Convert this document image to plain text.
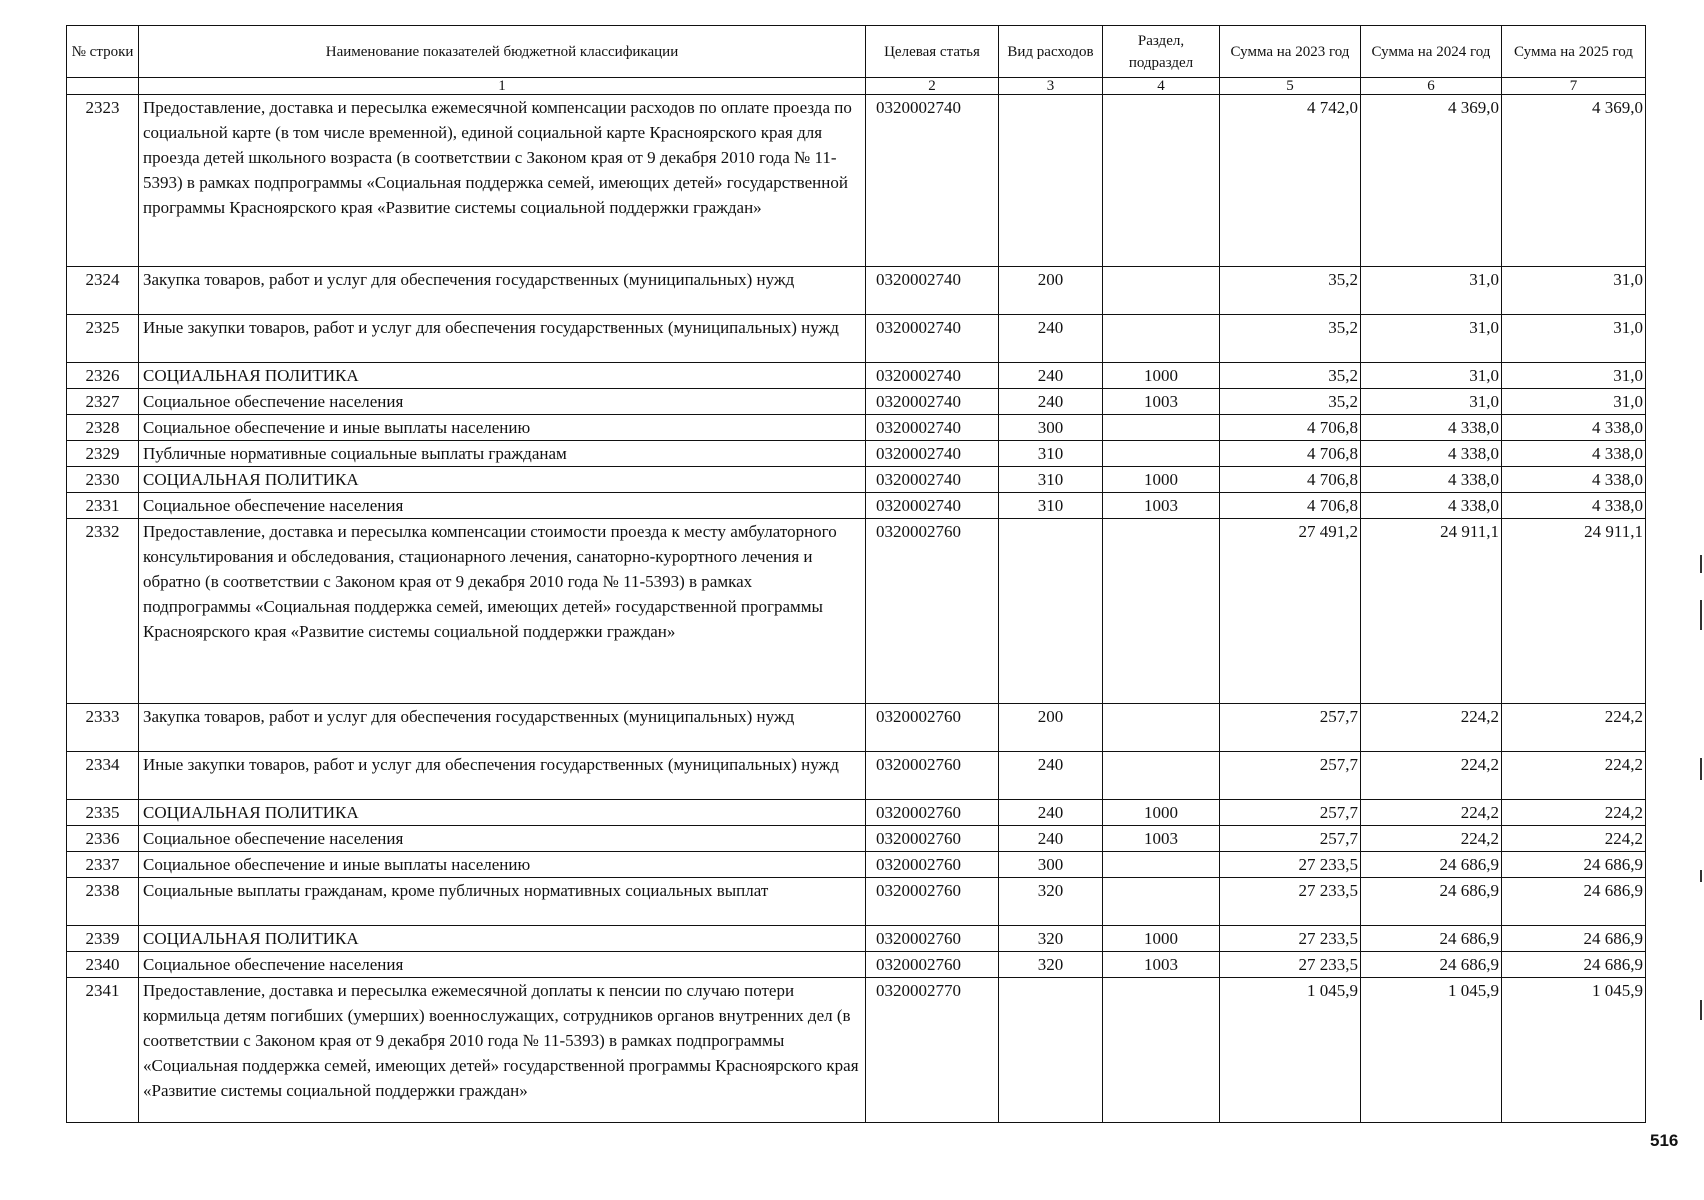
№ строки	Наименование показателей бюджетной классификации	Целевая статья	Вид расходов	Раздел, подраздел	Сумма на 2023 год	Сумма на 2024 год	Сумма на 2025 год
	1	2	3	4	5	6	7
2323	Предоставление, доставка и пересылка ежемесячной компенсации расходов по оплате проезда по социальной карте (в том числе временной), единой социальной карте Красноярского края для проезда детей школьного возраста (в соответствии с Законом края от 9 декабря 2010 года № 11-5393) в рамках подпрограммы «Социальная поддержка семей, имеющих детей» государственной программы Красноярского края «Развитие системы социальной поддержки граждан»	0320002740			4 742,0	4 369,0	4 369,0
2324	Закупка товаров, работ и услуг для обеспечения государственных (муниципальных) нужд	0320002740	200		35,2	31,0	31,0
2325	Иные закупки товаров, работ и услуг для обеспечения государственных (муниципальных) нужд	0320002740	240		35,2	31,0	31,0
2326	СОЦИАЛЬНАЯ ПОЛИТИКА	0320002740	240	1000	35,2	31,0	31,0
2327	Социальное обеспечение населения	0320002740	240	1003	35,2	31,0	31,0
2328	Социальное обеспечение и иные выплаты населению	0320002740	300		4 706,8	4 338,0	4 338,0
2329	Публичные нормативные социальные выплаты гражданам	0320002740	310		4 706,8	4 338,0	4 338,0
2330	СОЦИАЛЬНАЯ ПОЛИТИКА	0320002740	310	1000	4 706,8	4 338,0	4 338,0
2331	Социальное обеспечение населения	0320002740	310	1003	4 706,8	4 338,0	4 338,0
2332	Предоставление, доставка и пересылка компенсации стоимости проезда к месту амбулаторного консультирования и обследования, стационарного лечения, санаторно-курортного лечения и обратно (в соответствии с Законом края от 9 декабря 2010 года № 11-5393) в рамках подпрограммы «Социальная поддержка семей, имеющих детей» государственной программы Красноярского края «Развитие системы социальной поддержки граждан»	0320002760			27 491,2	24 911,1	24 911,1
2333	Закупка товаров, работ и услуг для обеспечения государственных (муниципальных) нужд	0320002760	200		257,7	224,2	224,2
2334	Иные закупки товаров, работ и услуг для обеспечения государственных (муниципальных) нужд	0320002760	240		257,7	224,2	224,2
2335	СОЦИАЛЬНАЯ ПОЛИТИКА	0320002760	240	1000	257,7	224,2	224,2
2336	Социальное обеспечение населения	0320002760	240	1003	257,7	224,2	224,2
2337	Социальное обеспечение и иные выплаты населению	0320002760	300		27 233,5	24 686,9	24 686,9
2338	Социальные выплаты гражданам, кроме публичных нормативных социальных выплат	0320002760	320		27 233,5	24 686,9	24 686,9
2339	СОЦИАЛЬНАЯ ПОЛИТИКА	0320002760	320	1000	27 233,5	24 686,9	24 686,9
2340	Социальное обеспечение населения	0320002760	320	1003	27 233,5	24 686,9	24 686,9
2341	Предоставление, доставка и пересылка ежемесячной доплаты к пенсии по случаю потери кормильца детям погибших (умерших) военнослужащих, сотрудников органов внутренних дел (в соответствии с Законом края от 9 декабря 2010 года № 11-5393) в рамках подпрограммы «Социальная поддержка семей, имеющих детей» государственной программы Красноярского края «Развитие системы социальной поддержки граждан»	0320002770			1 045,9	1 045,9	1 045,9
516
